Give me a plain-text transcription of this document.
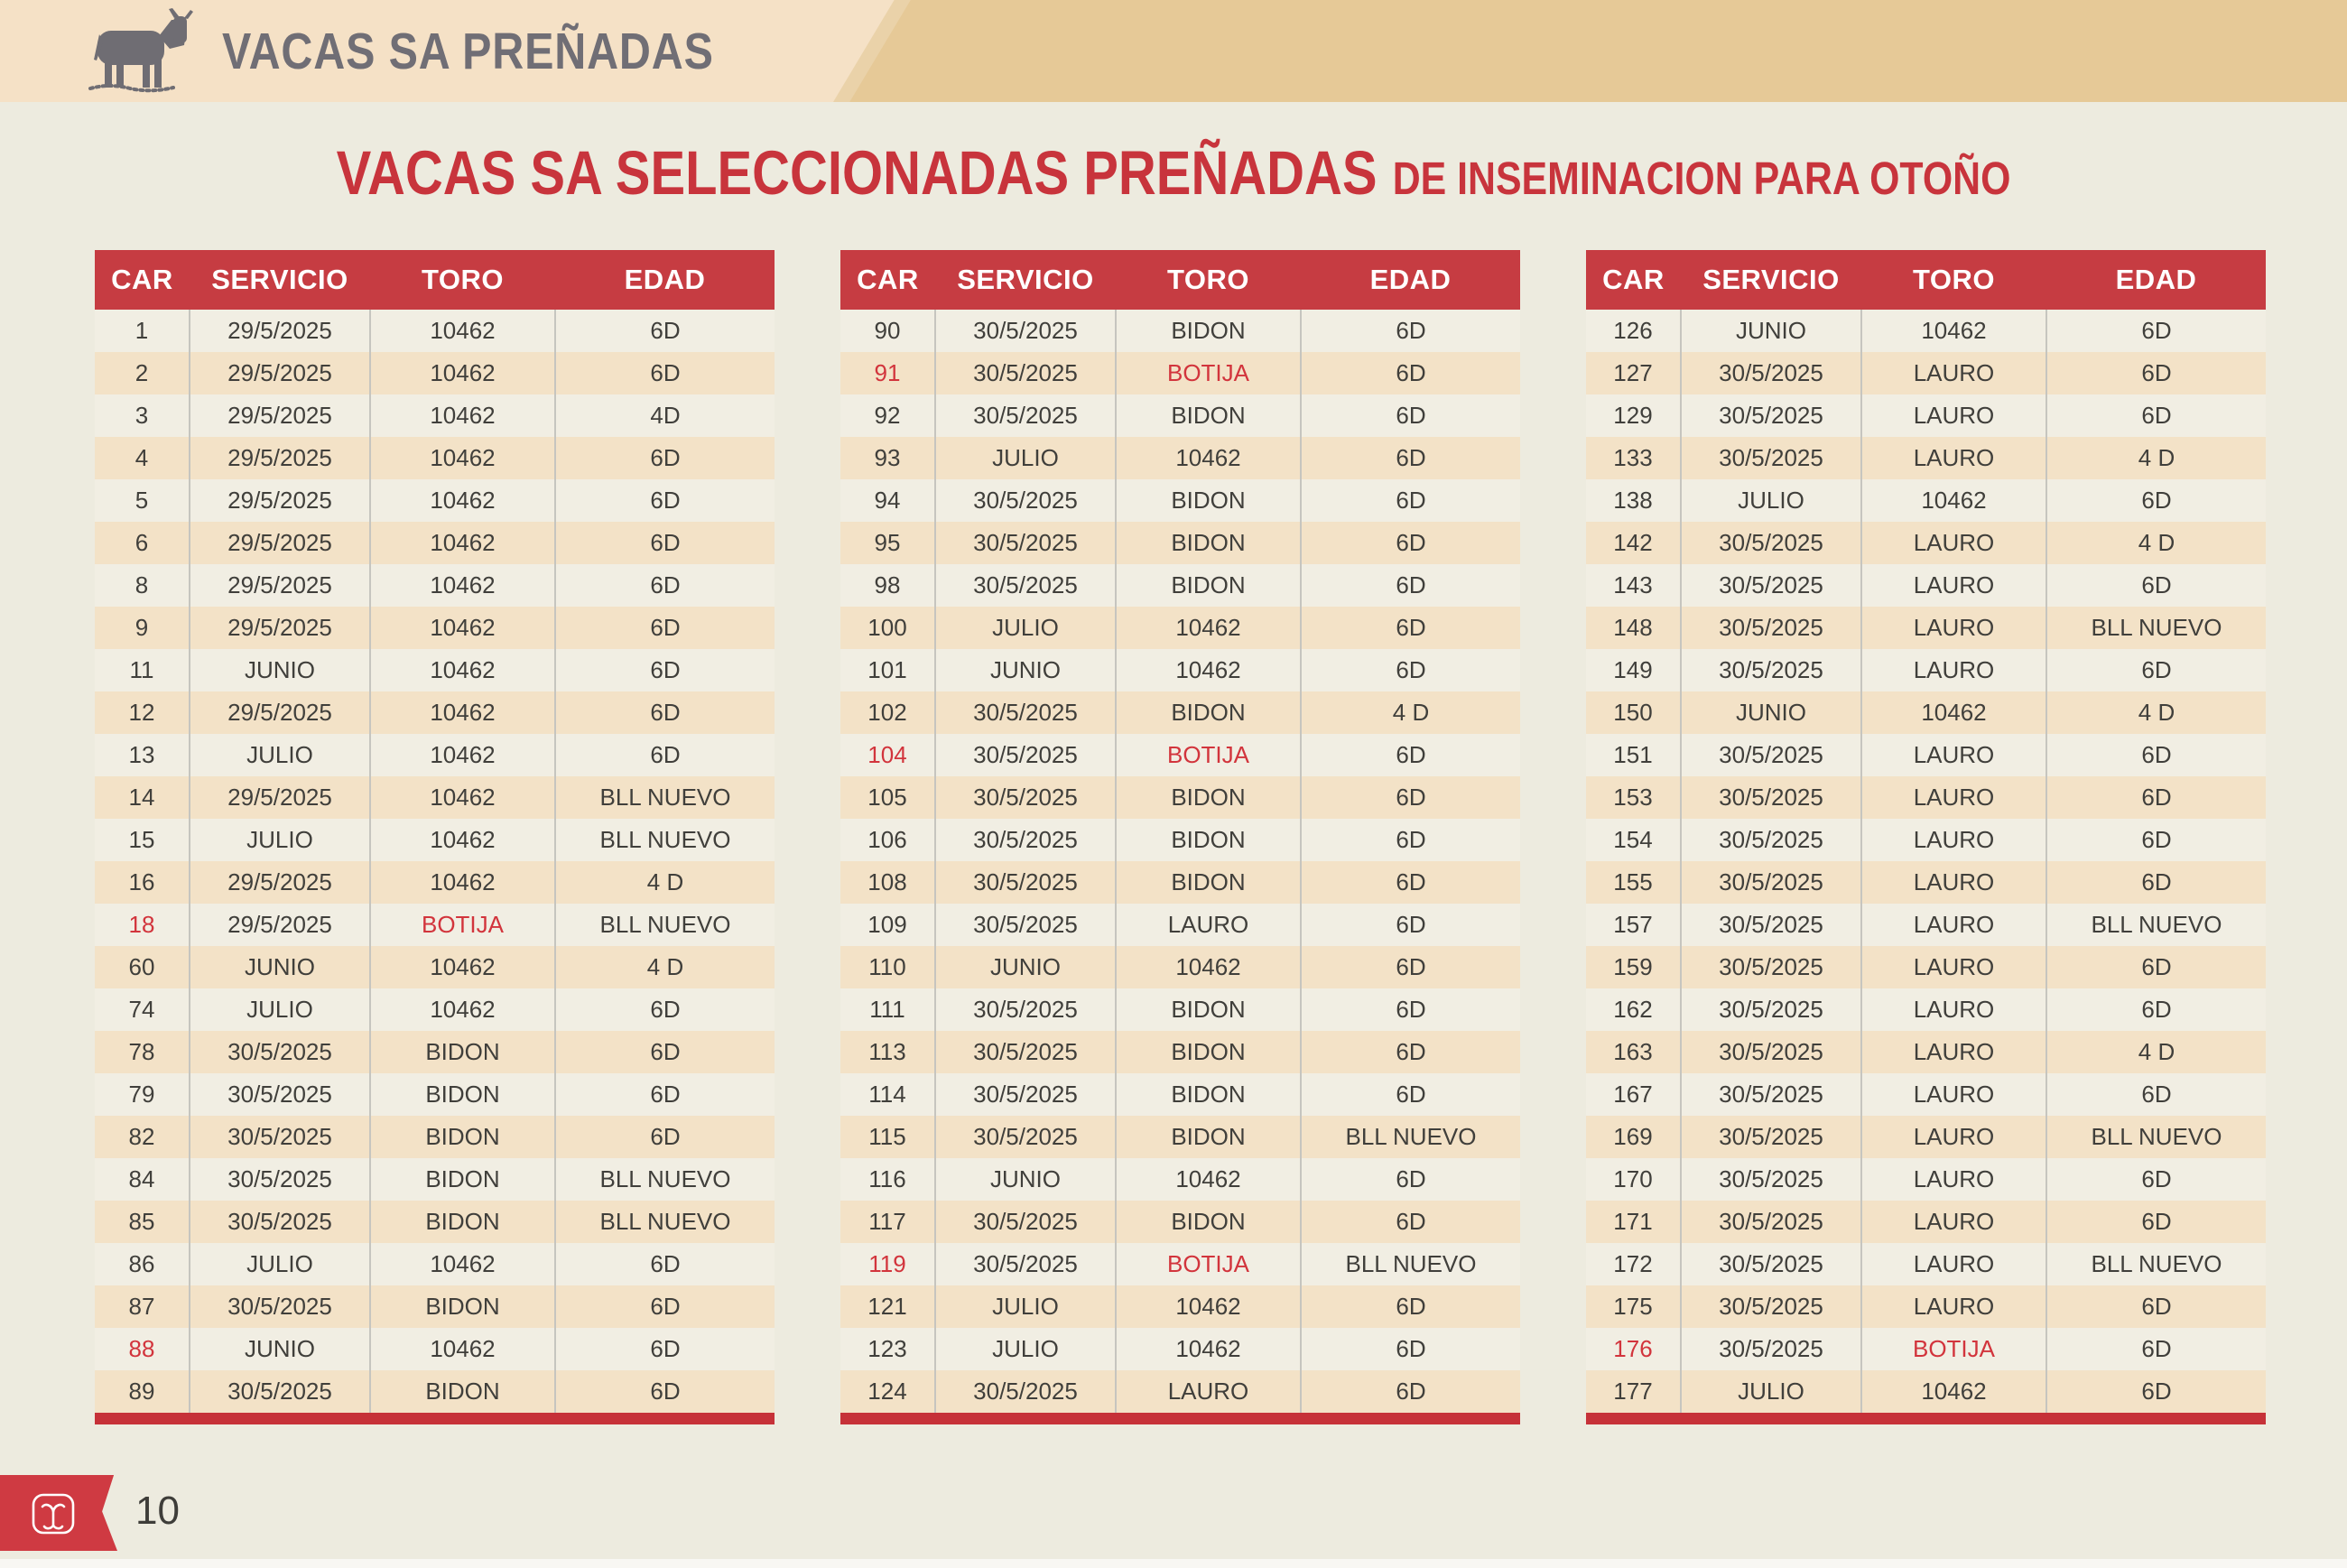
VACAS SA PREÑADAS
VACAS SA SELECCIONADAS PREÑADAS DE INSEMINACION PARA OTOÑO
CAR	SERVICIO	TORO	EDAD
1	29/5/2025	10462	6D
2	29/5/2025	10462	6D
3	29/5/2025	10462	4D
4	29/5/2025	10462	6D
5	29/5/2025	10462	6D
6	29/5/2025	10462	6D
8	29/5/2025	10462	6D
9	29/5/2025	10462	6D
11	JUNIO	10462	6D
12	29/5/2025	10462	6D
13	JULIO	10462	6D
14	29/5/2025	10462	BLL NUEVO
15	JULIO	10462	BLL NUEVO
16	29/5/2025	10462	4 D
18	29/5/2025	BOTIJA	BLL NUEVO
60	JUNIO	10462	4 D
74	JULIO	10462	6D
78	30/5/2025	BIDON	6D
79	30/5/2025	BIDON	6D
82	30/5/2025	BIDON	6D
84	30/5/2025	BIDON	BLL NUEVO
85	30/5/2025	BIDON	BLL NUEVO
86	JULIO	10462	6D
87	30/5/2025	BIDON	6D
88	JUNIO	10462	6D
89	30/5/2025	BIDON	6D

CAR	SERVICIO	TORO	EDAD
90	30/5/2025	BIDON	6D
91	30/5/2025	BOTIJA	6D
92	30/5/2025	BIDON	6D
93	JULIO	10462	6D
94	30/5/2025	BIDON	6D
95	30/5/2025	BIDON	6D
98	30/5/2025	BIDON	6D
100	JULIO	10462	6D
101	JUNIO	10462	6D
102	30/5/2025	BIDON	4 D
104	30/5/2025	BOTIJA	6D
105	30/5/2025	BIDON	6D
106	30/5/2025	BIDON	6D
108	30/5/2025	BIDON	6D
109	30/5/2025	LAURO	6D
110	JUNIO	10462	6D
111	30/5/2025	BIDON	6D
113	30/5/2025	BIDON	6D
114	30/5/2025	BIDON	6D
115	30/5/2025	BIDON	BLL NUEVO
116	JUNIO	10462	6D
117	30/5/2025	BIDON	6D
119	30/5/2025	BOTIJA	BLL NUEVO
121	JULIO	10462	6D
123	JULIO	10462	6D
124	30/5/2025	LAURO	6D

CAR	SERVICIO	TORO	EDAD
126	JUNIO	10462	6D
127	30/5/2025	LAURO	6D
129	30/5/2025	LAURO	6D
133	30/5/2025	LAURO	4 D
138	JULIO	10462	6D
142	30/5/2025	LAURO	4 D
143	30/5/2025	LAURO	6D
148	30/5/2025	LAURO	BLL NUEVO
149	30/5/2025	LAURO	6D
150	JUNIO	10462	4 D
151	30/5/2025	LAURO	6D
153	30/5/2025	LAURO	6D
154	30/5/2025	LAURO	6D
155	30/5/2025	LAURO	6D
157	30/5/2025	LAURO	BLL NUEVO
159	30/5/2025	LAURO	6D
162	30/5/2025	LAURO	6D
163	30/5/2025	LAURO	4 D
167	30/5/2025	LAURO	6D
169	30/5/2025	LAURO	BLL NUEVO
170	30/5/2025	LAURO	6D
171	30/5/2025	LAURO	6D
172	30/5/2025	LAURO	BLL NUEVO
175	30/5/2025	LAURO	6D
176	30/5/2025	BOTIJA	6D
177	JULIO	10462	6D

10
